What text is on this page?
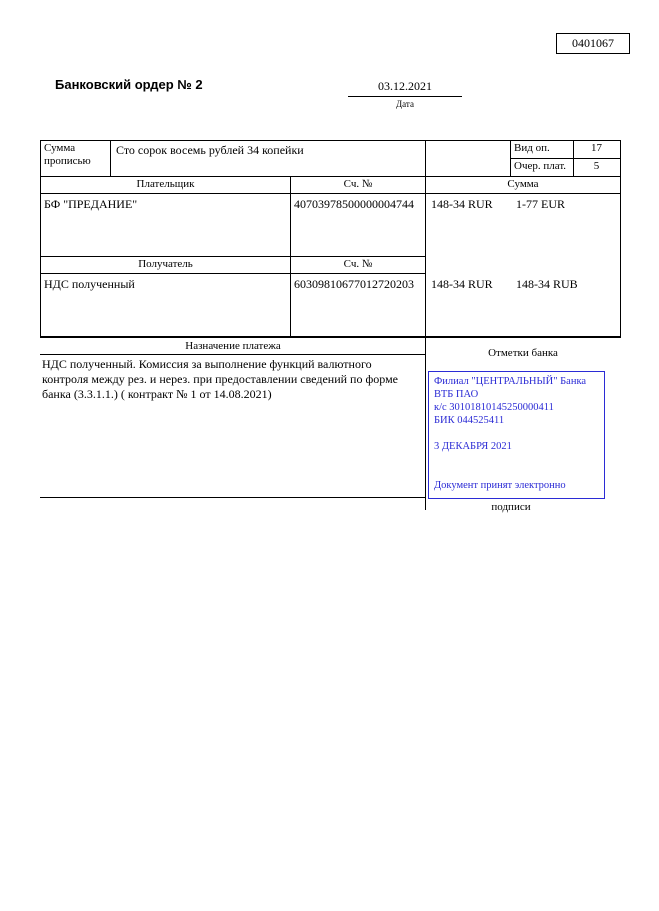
0401067
Банковский ордер № 2	03.12.2021
Дата
Сумма прописью
Сто сорок восемь рублей 34 копейки	Вид оп.	17
Очер. плат.	5
Плательщик	Сч. №	Сумма
БФ "ПРЕДАНИЕ"	40703978500000004744	148-34 RUR 1-77 EUR
Получатель	Сч. №
НДС полученный	60309810677012720203	148-34 RUR 148-34 RUB
Назначение платежа
НДС полученный. Комиссия за выполнение функций валютного контроля между рез. и нерез. при предоставлении сведений по форме банка (3.3.1.1.) ( контракт № 1 от 14.08.2021)
Отметки банка
Филиал "ЦЕНТРАЛЬНЫЙ" Банка
ВТБ ПАО
к/с 30101810145250000411
БИК 044525411
3 ДЕКАБРЯ 2021
Документ принят электронно
подписи
